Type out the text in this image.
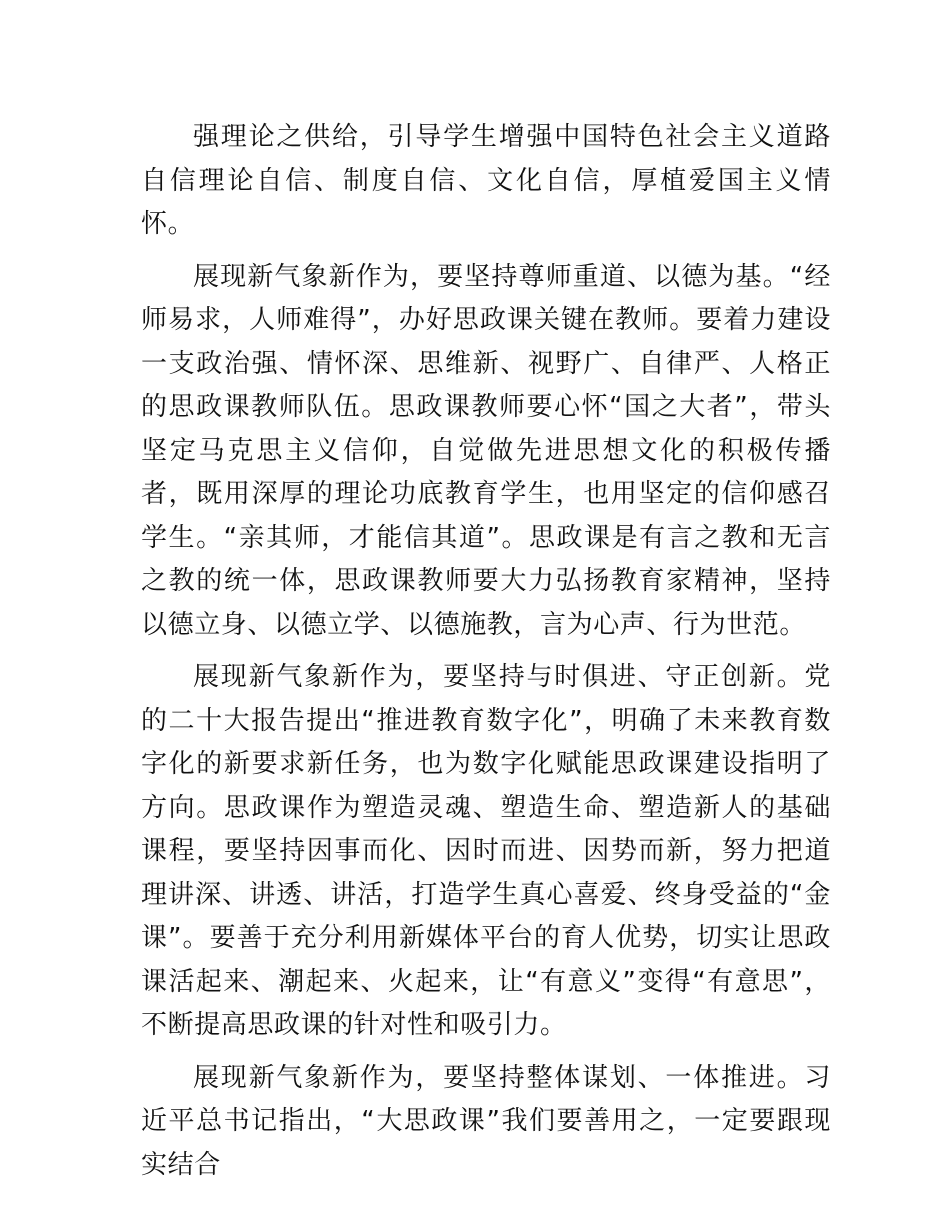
强理论之供给，引导学生增强中国特色社会主义道路自信理论自信、制度自信、文化自信，厚植爱国主义情怀。

展现新气象新作为，要坚持尊师重道、以德为基。“经师易求，人师难得”，办好思政课关键在教师。要着力建设一支政治强、情怀深、思维新、视野广、自律严、人格正的思政课教师队伍。思政课教师要心怀“国之大者”，带头坚定马克思主义信仰，自觉做先进思想文化的积极传播者，既用深厚的理论功底教育学生，也用坚定的信仰感召学生。“亲其师，才能信其道”。思政课是有言之教和无言之教的统一体，思政课教师要大力弘扬教育家精神，坚持以德立身、以德立学、以德施教，言为心声、行为世范。

展现新气象新作为，要坚持与时俱进、守正创新。党的二十大报告提出“推进教育数字化”，明确了未来教育数字化的新要求新任务，也为数字化赋能思政课建设指明了方向。思政课作为塑造灵魂、塑造生命、塑造新人的基础课程，要坚持因事而化、因时而进、因势而新，努力把道理讲深、讲透、讲活，打造学生真心喜爱、终身受益的“金课”。要善于充分利用新媒体平台的育人优势，切实让思政课活起来、潮起来、火起来，让“有意义”变得“有意思”，不断提高思政课的针对性和吸引力。

展现新气象新作为，要坚持整体谋划、一体推进。习近平总书记指出，“大思政课”我们要善用之，一定要跟现实结合
